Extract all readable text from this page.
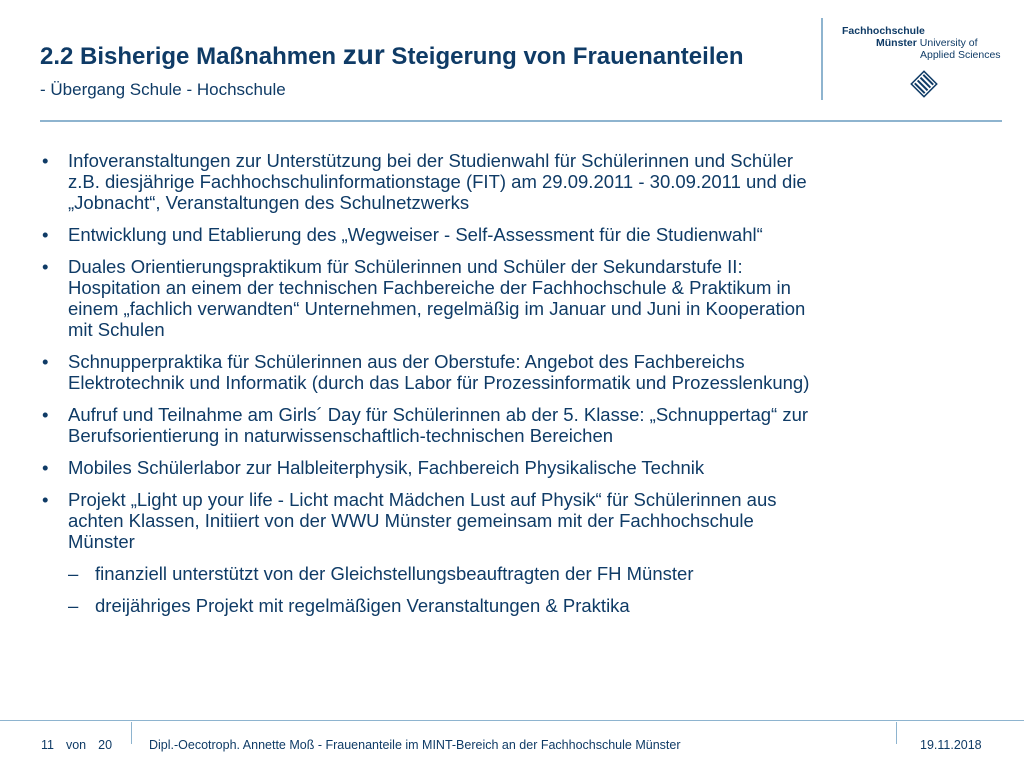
2.2 Bisherige Maßnahmen zur Steigerung von Frauenanteilen
- Übergang Schule - Hochschule
Fachhochschule
Münster University of
Applied Sciences
• Infoveranstaltungen zur Unterstützung bei der Studienwahl für Schülerinnen und Schüler
z.B. diesjährige Fachhochschulinformationstage (FIT) am 29.09.2011 - 30.09.2011 und die
„Jobnacht“, Veranstaltungen des Schulnetzwerks
• Entwicklung und Etablierung des „Wegweiser - Self-Assessment für die Studienwahl“
• Duales Orientierungspraktikum für Schülerinnen und Schüler der Sekundarstufe II:
Hospitation an einem der technischen Fachbereiche der Fachhochschule & Praktikum in
einem „fachlich verwandten“ Unternehmen, regelmäßig im Januar und Juni in Kooperation
mit Schulen
• Schnupperpraktika für Schülerinnen aus der Oberstufe: Angebot des Fachbereichs
Elektrotechnik und Informatik (durch das Labor für Prozessinformatik und Prozesslenkung)
• Aufruf und Teilnahme am Girls´ Day für Schülerinnen ab der 5. Klasse: „Schnuppertag“ zur
Berufsorientierung in naturwissenschaftlich-technischen Bereichen
• Mobiles Schülerlabor zur Halbleiterphysik, Fachbereich Physikalische Technik
• Projekt „Light up your life - Licht macht Mädchen Lust auf Physik“ für Schülerinnen aus
achten Klassen, Initiiert von der WWU Münster gemeinsam mit der Fachhochschule
Münster
– finanziell unterstützt von der Gleichstellungsbeauftragten der FH Münster
– dreijähriges Projekt mit regelmäßigen Veranstaltungen & Praktika
11 von 20	Dipl.-Oecotroph. Annette Moß - Frauenanteile im MINT-Bereich an der Fachhochschule Münster	19.11.2018
